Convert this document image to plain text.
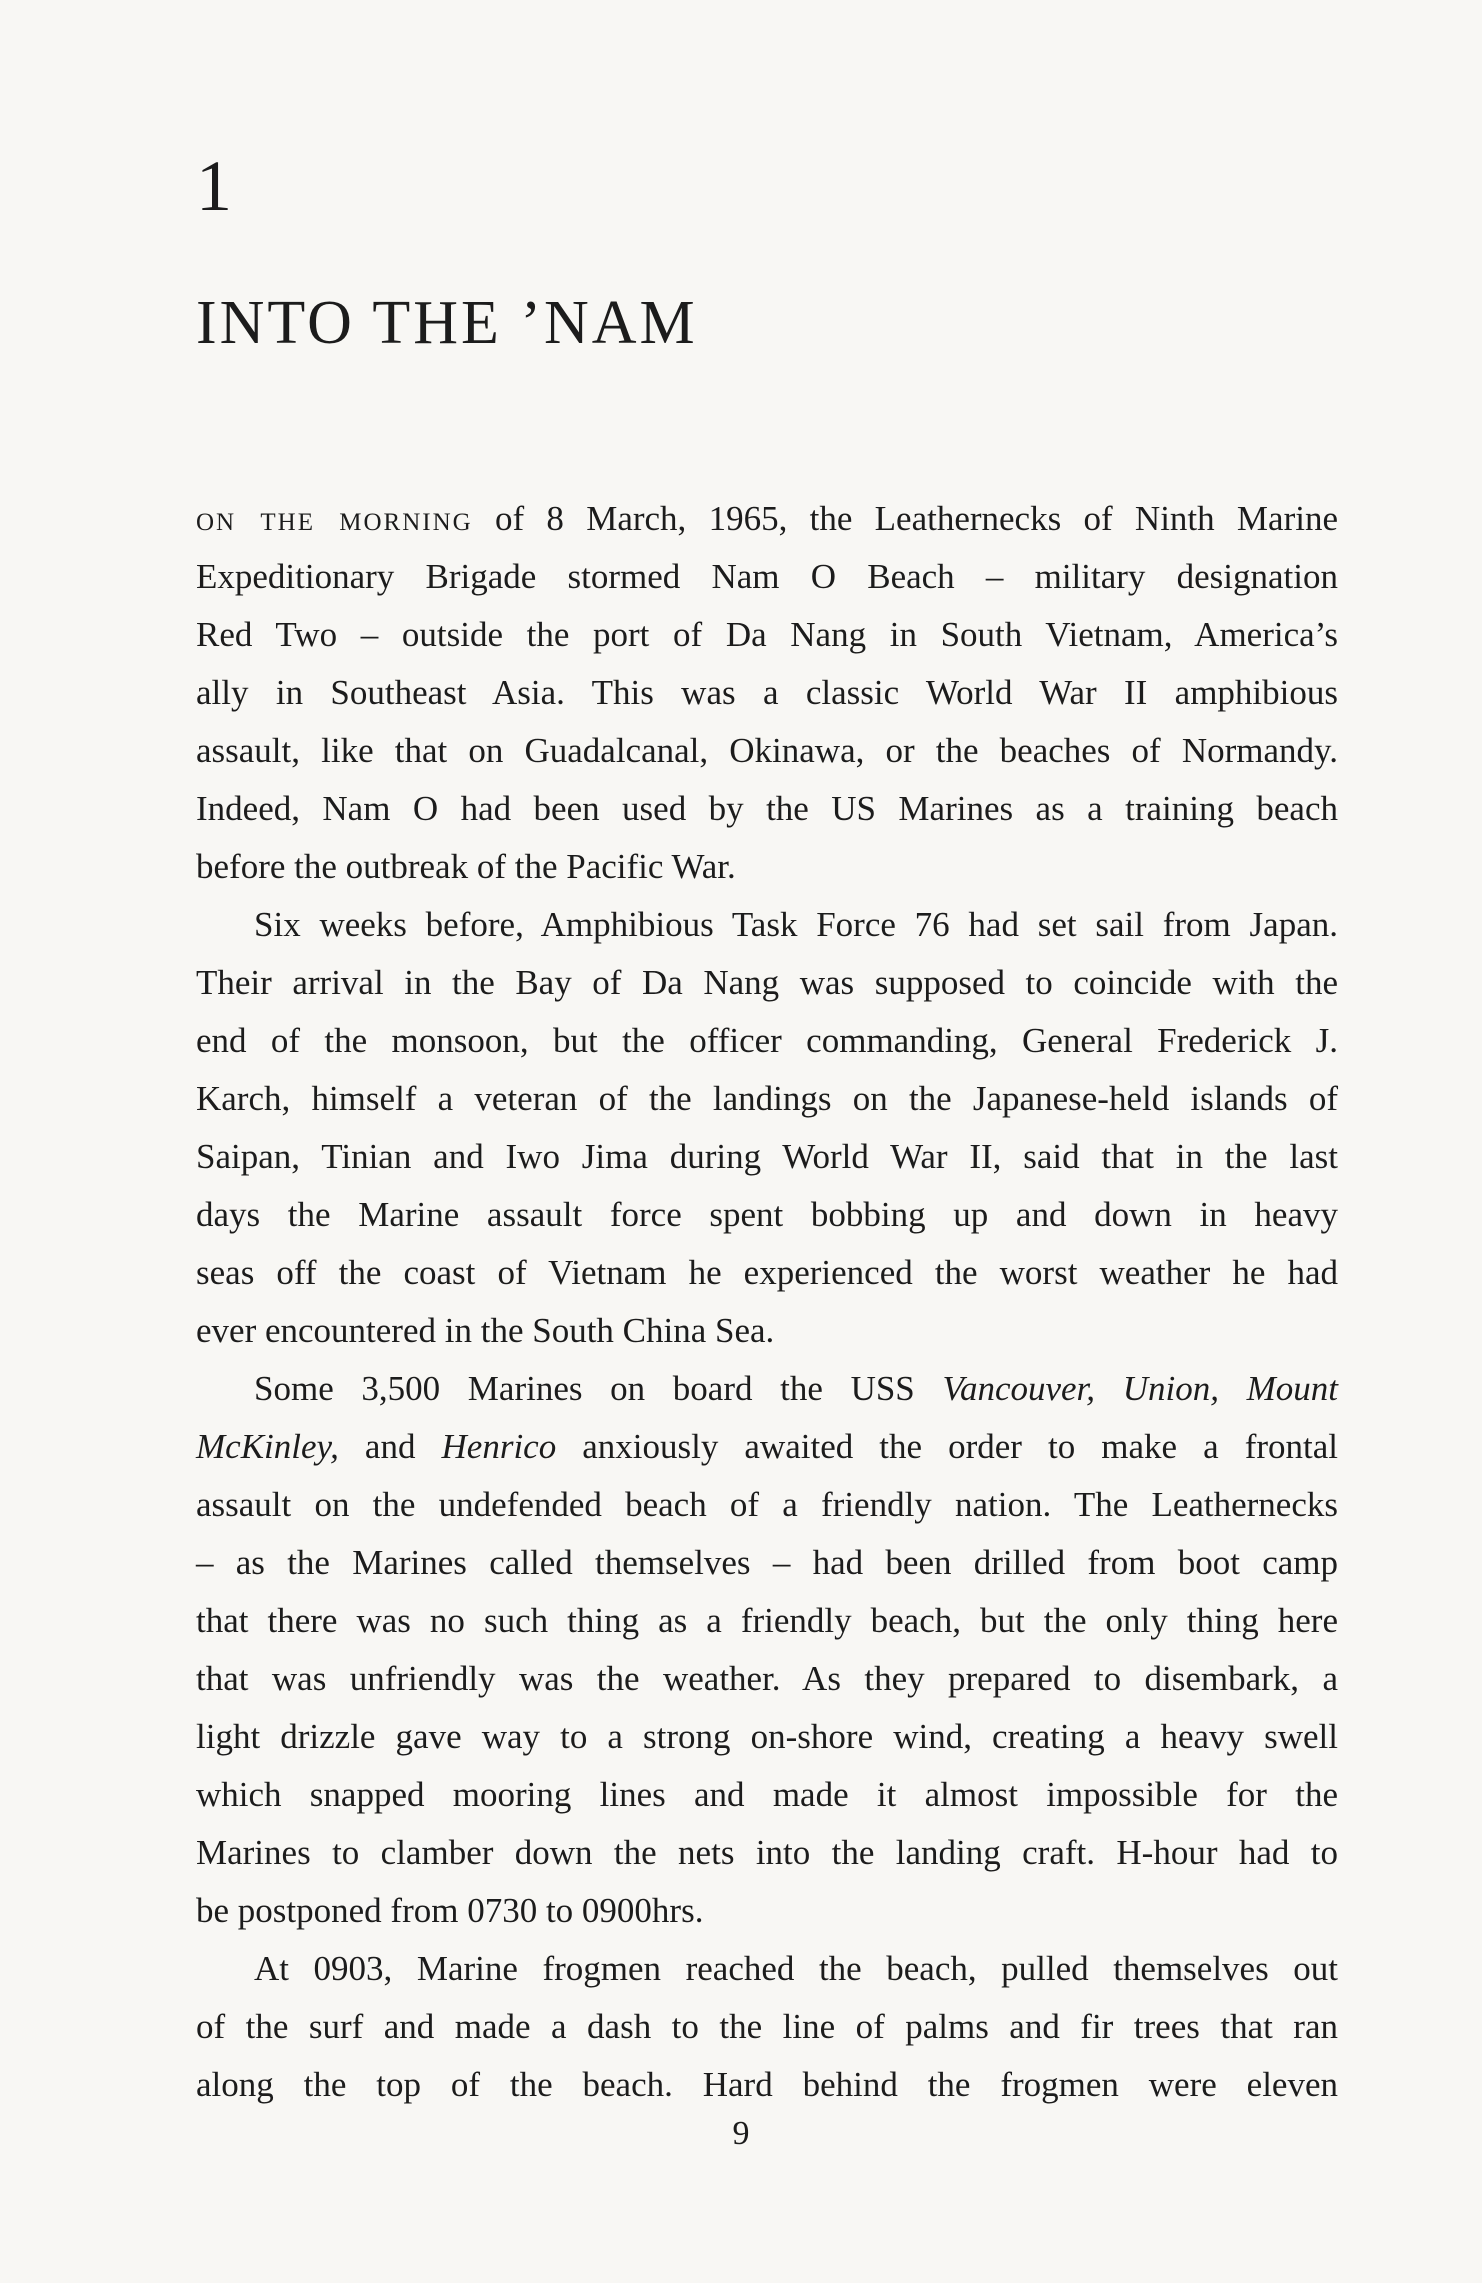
1
INTO THE ’NAM
on the morning of 8 March, 1965, the Leathernecks of Ninth Marine
Expeditionary Brigade stormed Nam O Beach – military designation
Red Two – outside the port of Da Nang in South Vietnam, America’s
ally in Southeast Asia. This was a classic World War II amphibious
assault, like that on Guadalcanal, Okinawa, or the beaches of Normandy.
Indeed, Nam O had been used by the US Marines as a training beach
before the outbreak of the Pacific War.
Six weeks before, Amphibious Task Force 76 had set sail from Japan.
Their arrival in the Bay of Da Nang was supposed to coincide with the
end of the monsoon, but the officer commanding, General Frederick J.
Karch, himself a veteran of the landings on the Japanese-held islands of
Saipan, Tinian and Iwo Jima during World War II, said that in the last
days the Marine assault force spent bobbing up and down in heavy
seas off the coast of Vietnam he experienced the worst weather he had
ever encountered in the South China Sea.
Some 3,500 Marines on board the USS Vancouver, Union, Mount
McKinley, and Henrico anxiously awaited the order to make a frontal
assault on the undefended beach of a friendly nation. The Leathernecks
– as the Marines called themselves – had been drilled from boot camp
that there was no such thing as a friendly beach, but the only thing here
that was unfriendly was the weather. As they prepared to disembark, a
light drizzle gave way to a strong on-shore wind, creating a heavy swell
which snapped mooring lines and made it almost impossible for the
Marines to clamber down the nets into the landing craft. H-hour had to
be postponed from 0730 to 0900hrs.
At 0903, Marine frogmen reached the beach, pulled themselves out
of the surf and made a dash to the line of palms and fir trees that ran
along the top of the beach. Hard behind the frogmen were eleven
9
